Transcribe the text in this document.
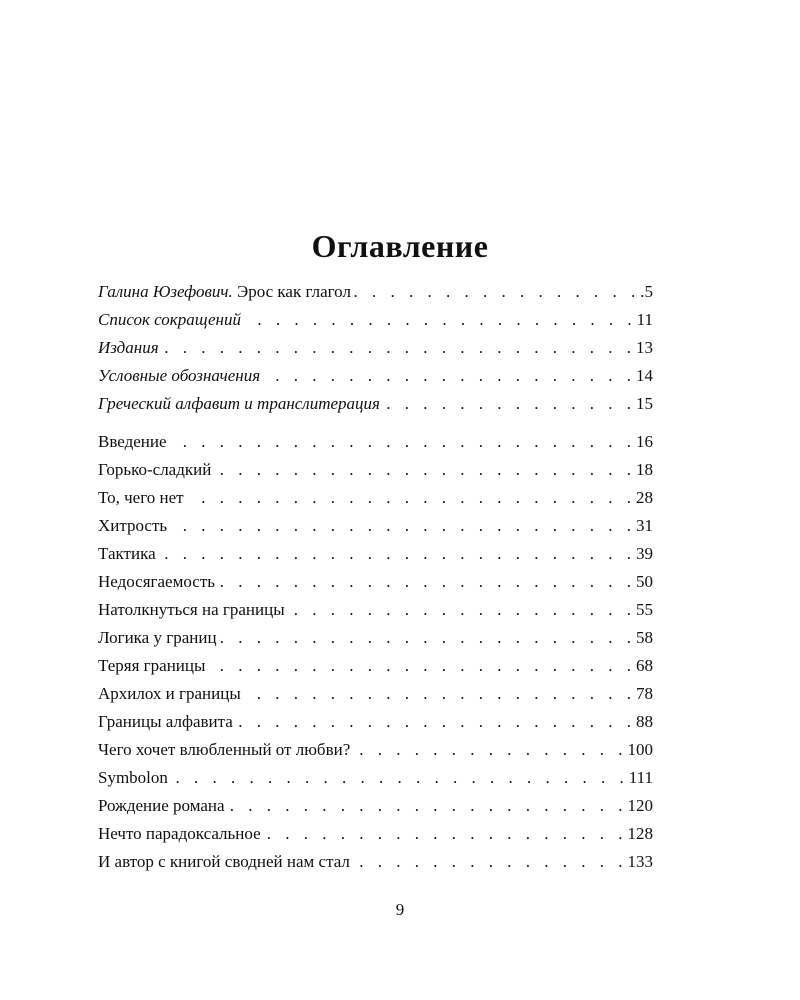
Оглавление
Галина Юзефович. Эрос как глагол . . .	.5
Список сокращений . . .	11
Издания . . .	13
Условные обозначения . . .	14
Греческий алфавит и транслитерация . . .	15
Введение . . .	16
Горько-сладкий . . .	18
То, чего нет . . .	28
Хитрость . . .	31
Тактика . . .	39
Недосягаемость . . .	50
Натолкнуться на границы . . .	55
Логика у границ . . .	58
Теряя границы . . .	68
Архилох и границы . . .	78
Границы алфавита . . .	88
Чего хочет влюбленный от любви? . . .	100
Symbolon . . .	111
Рождение романа . . .	120
Нечто парадоксальное . . .	128
И автор с книгой сводней нам стал . . .	133
9
